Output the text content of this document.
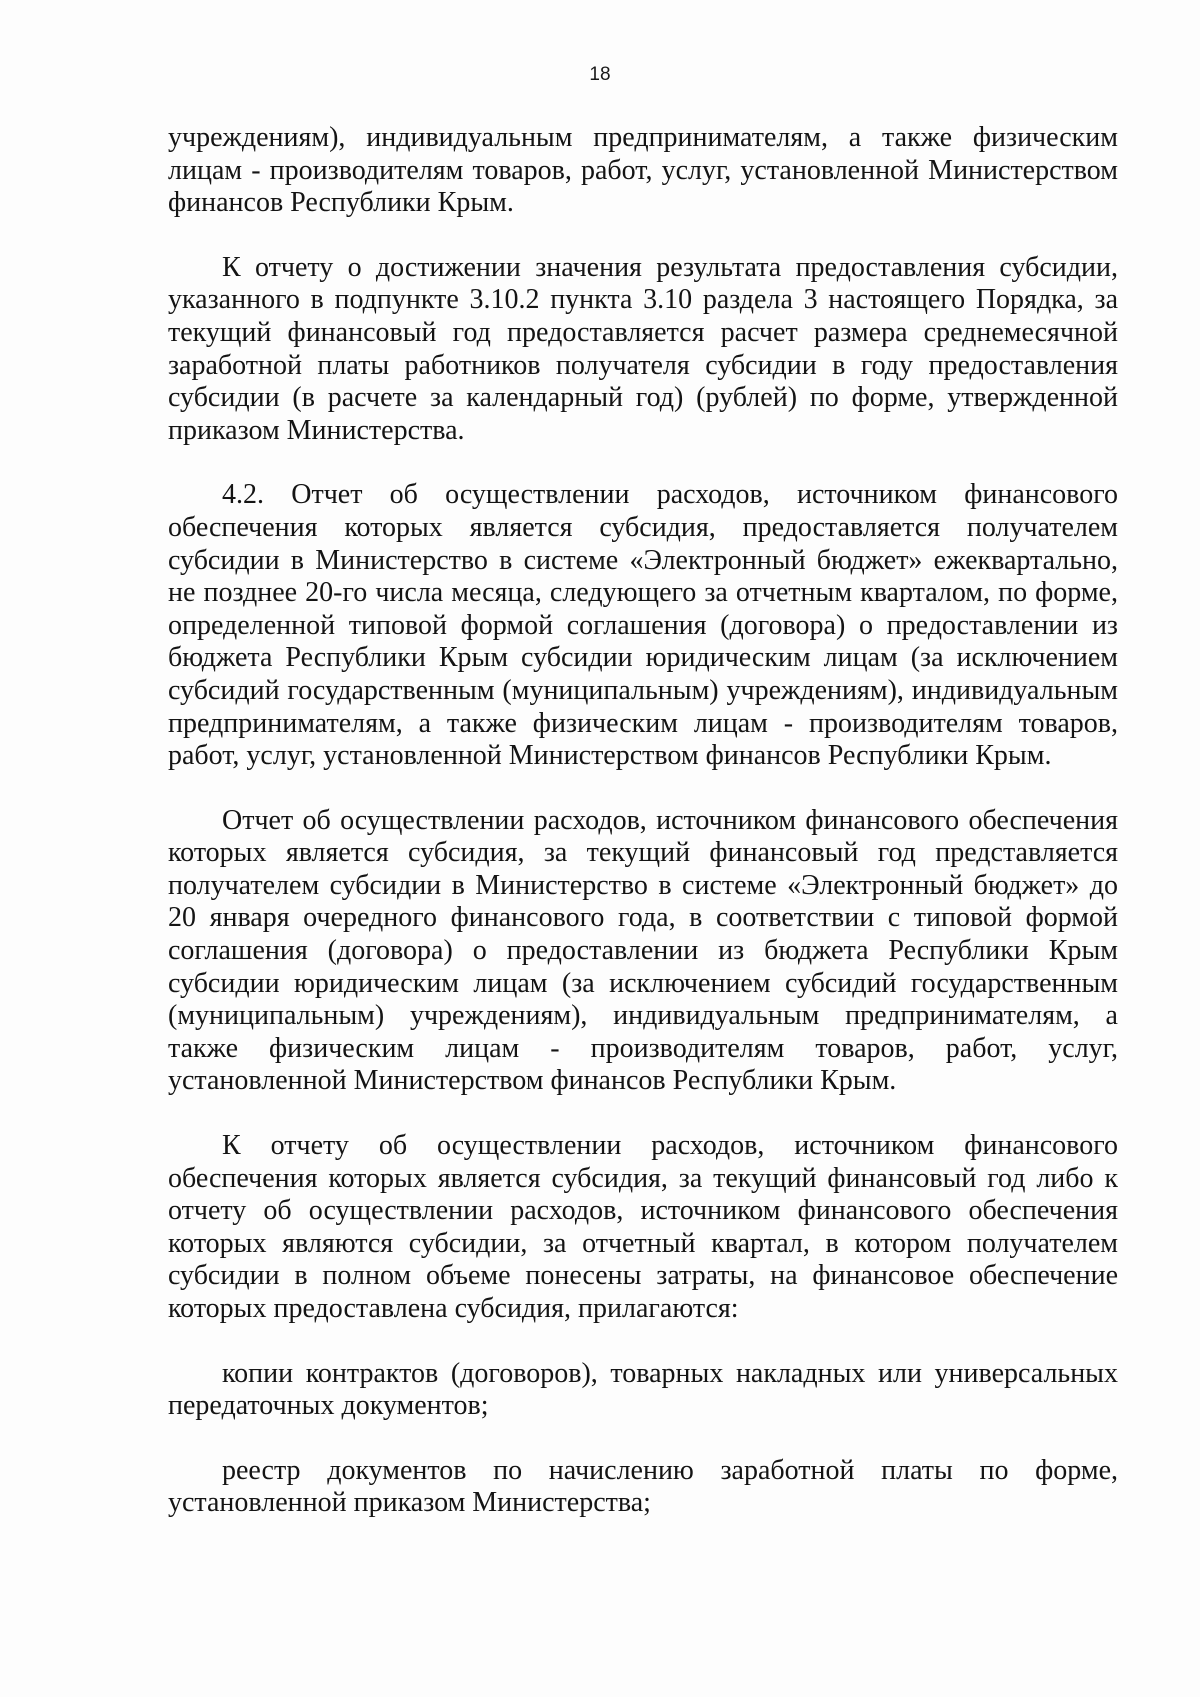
18

учреждениям), индивидуальным предпринимателям, а также физическим лицам - производителям товаров, работ, услуг, установленной Министерством финансов Республики Крым.

К отчету о достижении значения результата предоставления субсидии, указанного в подпункте 3.10.2 пункта 3.10 раздела 3 настоящего Порядка, за текущий финансовый год предоставляется расчет размера среднемесячной заработной платы работников получателя субсидии в году предоставления субсидии (в расчете за календарный год) (рублей) по форме, утвержденной приказом Министерства.

4.2. Отчет об осуществлении расходов, источником финансового обеспечения которых является субсидия, предоставляется получателем субсидии в Министерство в системе «Электронный бюджет» ежеквартально, не позднее 20-го числа месяца, следующего за отчетным кварталом, по форме, определенной типовой формой соглашения (договора) о предоставлении из бюджета Республики Крым субсидии юридическим лицам (за исключением субсидий государственным (муниципальным) учреждениям), индивидуальным предпринимателям, а также физическим лицам - производителям товаров, работ, услуг, установленной Министерством финансов Республики Крым.

Отчет об осуществлении расходов, источником финансового обеспечения которых является субсидия, за текущий финансовый год представляется получателем субсидии в Министерство в системе «Электронный бюджет» до 20 января очередного финансового года, в соответствии с типовой формой соглашения (договора) о предоставлении из бюджета Республики Крым субсидии юридическим лицам (за исключением субсидий государственным (муниципальным) учреждениям), индивидуальным предпринимателям, а также физическим лицам - производителям товаров, работ, услуг, установленной Министерством финансов Республики Крым.

К отчету об осуществлении расходов, источником финансового обеспечения которых является субсидия, за текущий финансовый год либо к отчету об осуществлении расходов, источником финансового обеспечения которых являются субсидии, за отчетный квартал, в котором получателем субсидии в полном объеме понесены затраты, на финансовое обеспечение которых предоставлена субсидия, прилагаются:

копии контрактов (договоров), товарных накладных или универсальных передаточных документов;

реестр документов по начислению заработной платы по форме, установленной приказом Министерства;
